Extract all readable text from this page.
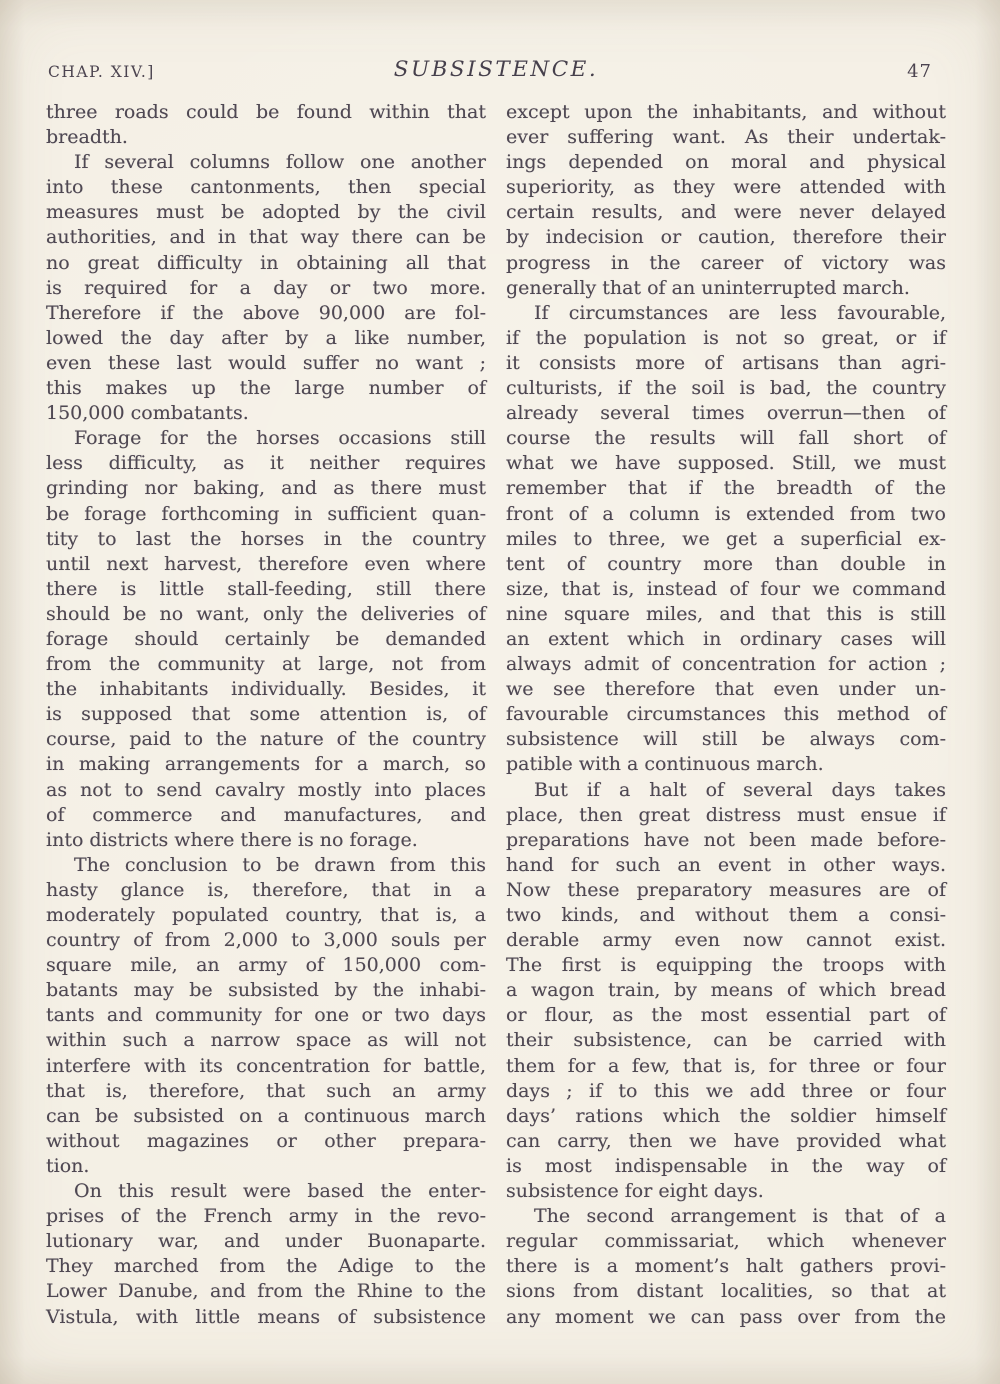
CHAP. XIV.]	SUBSISTENCE.	47
three roads could be found within that
breadth.
If several columns follow one another
into these cantonments, then special
measures must be adopted by the civil
authorities, and in that way there can be
no great difficulty in obtaining all that
is required for a day or two more.
Therefore if the above 90,000 are fol-
lowed the day after by a like number,
even these last would suffer no want ;
this makes up the large number of
150,000 combatants.
Forage for the horses occasions still
less difficulty, as it neither requires
grinding nor baking, and as there must
be forage forthcoming in sufficient quan-
tity to last the horses in the country
until next harvest, therefore even where
there is little stall-feeding, still there
should be no want, only the deliveries of
forage should certainly be demanded
from the community at large, not from
the inhabitants individually. Besides, it
is supposed that some attention is, of
course, paid to the nature of the country
in making arrangements for a march, so
as not to send cavalry mostly into places
of commerce and manufactures, and
into districts where there is no forage.
The conclusion to be drawn from this
hasty glance is, therefore, that in a
moderately populated country, that is, a
country of from 2,000 to 3,000 souls per
square mile, an army of 150,000 com-
batants may be subsisted by the inhabi-
tants and community for one or two days
within such a narrow space as will not
interfere with its concentration for battle,
that is, therefore, that such an army
can be subsisted on a continuous march
without magazines or other prepara-
tion.
On this result were based the enter-
prises of the French army in the revo-
lutionary war, and under Buonaparte.
They marched from the Adige to the
Lower Danube, and from the Rhine to the
Vistula, with little means of subsistence
except upon the inhabitants, and without
ever suffering want. As their undertak-
ings depended on moral and physical
superiority, as they were attended with
certain results, and were never delayed
by indecision or caution, therefore their
progress in the career of victory was
generally that of an uninterrupted march.
If circumstances are less favourable,
if the population is not so great, or if
it consists more of artisans than agri-
culturists, if the soil is bad, the country
already several times overrun—then of
course the results will fall short of
what we have supposed. Still, we must
remember that if the breadth of the
front of a column is extended from two
miles to three, we get a superficial ex-
tent of country more than double in
size, that is, instead of four we command
nine square miles, and that this is still
an extent which in ordinary cases will
always admit of concentration for action ;
we see therefore that even under un-
favourable circumstances this method of
subsistence will still be always com-
patible with a continuous march.
But if a halt of several days takes
place, then great distress must ensue if
preparations have not been made before-
hand for such an event in other ways.
Now these preparatory measures are of
two kinds, and without them a consi-
derable army even now cannot exist.
The first is equipping the troops with
a wagon train, by means of which bread
or flour, as the most essential part of
their subsistence, can be carried with
them for a few, that is, for three or four
days ; if to this we add three or four
days’ rations which the soldier himself
can carry, then we have provided what
is most indispensable in the way of
subsistence for eight days.
The second arrangement is that of a
regular commissariat, which whenever
there is a moment’s halt gathers provi-
sions from distant localities, so that at
any moment we can pass over from the
